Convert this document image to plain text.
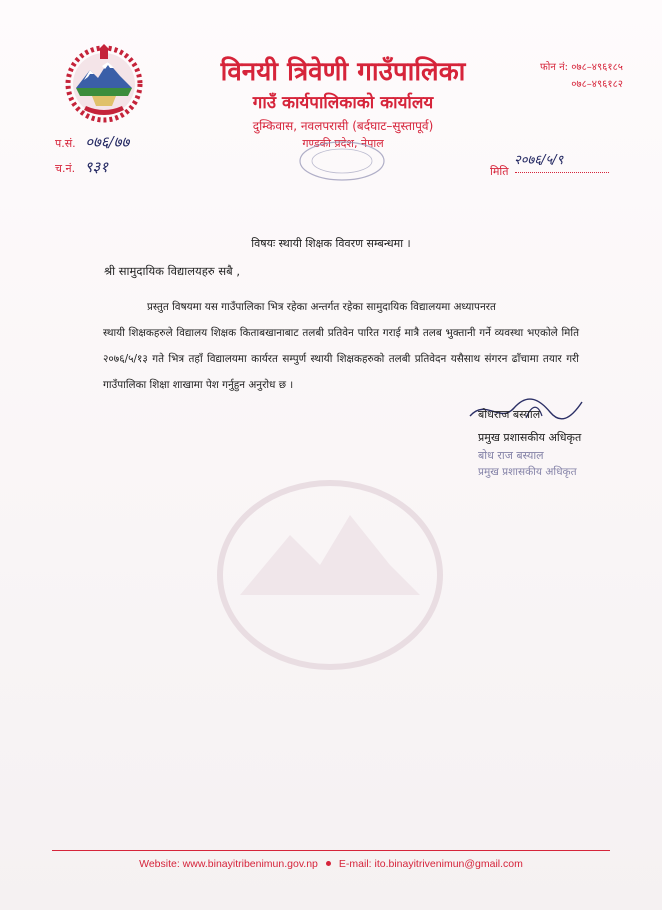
विनयी त्रिवेणी गाउँपालिका
गाउँ कार्यपालिकाको कार्यालय
दुम्किवास, नवलपरासी (बर्दघाट–सुस्तापूर्व)
गण्डकी प्रदेश, नेपाल
फोन नं:
०७८–४९६१८५
०७८–४९६१८२
प.सं. ०७६/७७
च.नं. ९३१	२०७६/५/९
मिति
विषयः स्थायी शिक्षक विवरण सम्बन्धमा ।
श्री सामुदायिक विद्यालयहरु सबै ,
प्रस्तुत विषयमा यस गाउँपालिका भित्र रहेका अन्तर्गत रहेका सामुदायिक विद्यालयमा अध्यापनरत
स्थायी शिक्षकहरुले विद्यालय शिक्षक किताबखानाबाट तलबी प्रतिवेन पारित गराई मात्रै तलब भुक्तानी गर्ने व्यवस्था भएकोले मिति २०७६/५/१३ गते भित्र तहाँ विद्यालयमा कार्यरत सम्पुर्ण स्थायी शिक्षकहरुको तलबी प्रतिवेदन यसैसाथ संगरन ढाँचामा तयार गरी गाउँपालिका शिक्षा शाखामा पेश गर्नुहुन अनुरोध छ ।
बोधराज बस्याल
प्रमुख प्रशासकीय अधिकृत
बोध राज बस्याल
प्रमुख प्रशासकीय अधिकृत
Website: www.binayitribenimun.gov.np E-mail: ito.binayitrivenimun@gmail.com
